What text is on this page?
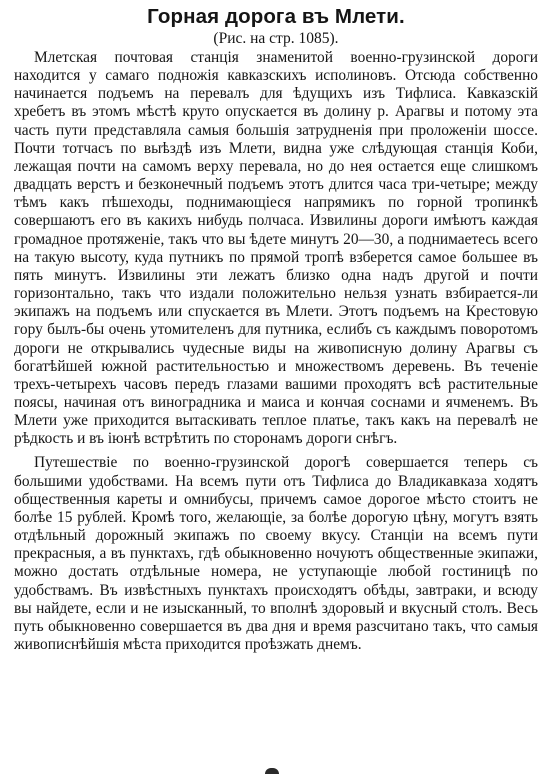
Горная дорога въ Млети.
(Рис. на стр. 1085).

Млетская почтовая станція знаменитой военно-грузинской дороги находится у самаго подножія кавказскихъ исполиновъ. Отсюда собственно начинается подъемъ на перевалъ для ѣдущихъ изъ Тифлиса. Кавказскій хребетъ въ этомъ мѣстѣ круто опускается въ долину р. Арагвы и потому эта часть пути представляла самыя большія затрудненія при проложеніи шоссе. Почти тотчасъ по выѣздѣ изъ Млети, видна уже слѣдующая станція Коби, лежащая почти на самомъ верху перевала, но до нея остается еще слишкомъ двадцать верстъ и безконечный подъемъ этотъ длится часа три-четыре; между тѣмъ какъ пѣшеходы, поднимающіеся напрямикъ по горной тропинкѣ совершаютъ его въ какихъ нибудь полчаса. Извилины дороги имѣютъ каждая громадное протяженіе, такъ что вы ѣдете минутъ 20—30, а поднимаетесь всего на такую высоту, куда путникъ по прямой тропѣ взберется самое большее въ пять минутъ. Извилины эти лежатъ близко одна надъ другой и почти горизонтально, такъ что издали положительно нельзя узнать взбирается-ли экипажъ на подъемъ или спускается въ Млети. Этотъ подъемъ на Крестовую гору былъ-бы очень утомителенъ для путника, еслибъ съ каждымъ поворотомъ дороги не открывались чудесные виды на живописную долину Арагвы съ богатѣйшей южной растительностью и множествомъ деревень. Въ теченіе трехъ-четырехъ часовъ передъ глазами вашими проходятъ всѣ растительные поясы, начиная отъ виноградника и маиса и кончая соснами и ячменемъ. Въ Млети уже приходится вытаскивать теплое платье, такъ какъ на перевалѣ не рѣдкость и въ іюнѣ встрѣтить по сторонамъ дороги снѣгъ.

Путешествіе по военно-грузинской дорогѣ совершается теперь съ большими удобствами. На всемъ пути отъ Тифлиса до Владикавказа ходятъ общественныя кареты и омнибусы, причемъ самое дорогое мѣсто стоитъ не болѣе 15 рублей. Кромѣ того, желающіе, за болѣе дорогую цѣну, могутъ взять отдѣльный дорожный экипажъ по своему вкусу. Станціи на всемъ пути прекрасныя, а въ пунктахъ, гдѣ обыкновенно ночуютъ общественные экипажи, можно достать отдѣльные номера, не уступающіе любой гостиницѣ по удобствамъ. Въ извѣстныхъ пунктахъ происходятъ обѣды, завтраки, и всюду вы найдете, если и не изысканный, то вполнѣ здоровый и вкусный столъ. Весь путь обыкновенно совершается въ два дня и время разсчитано такъ, что самыя живописнѣйшія мѣста приходится проѣзжать днемъ.
